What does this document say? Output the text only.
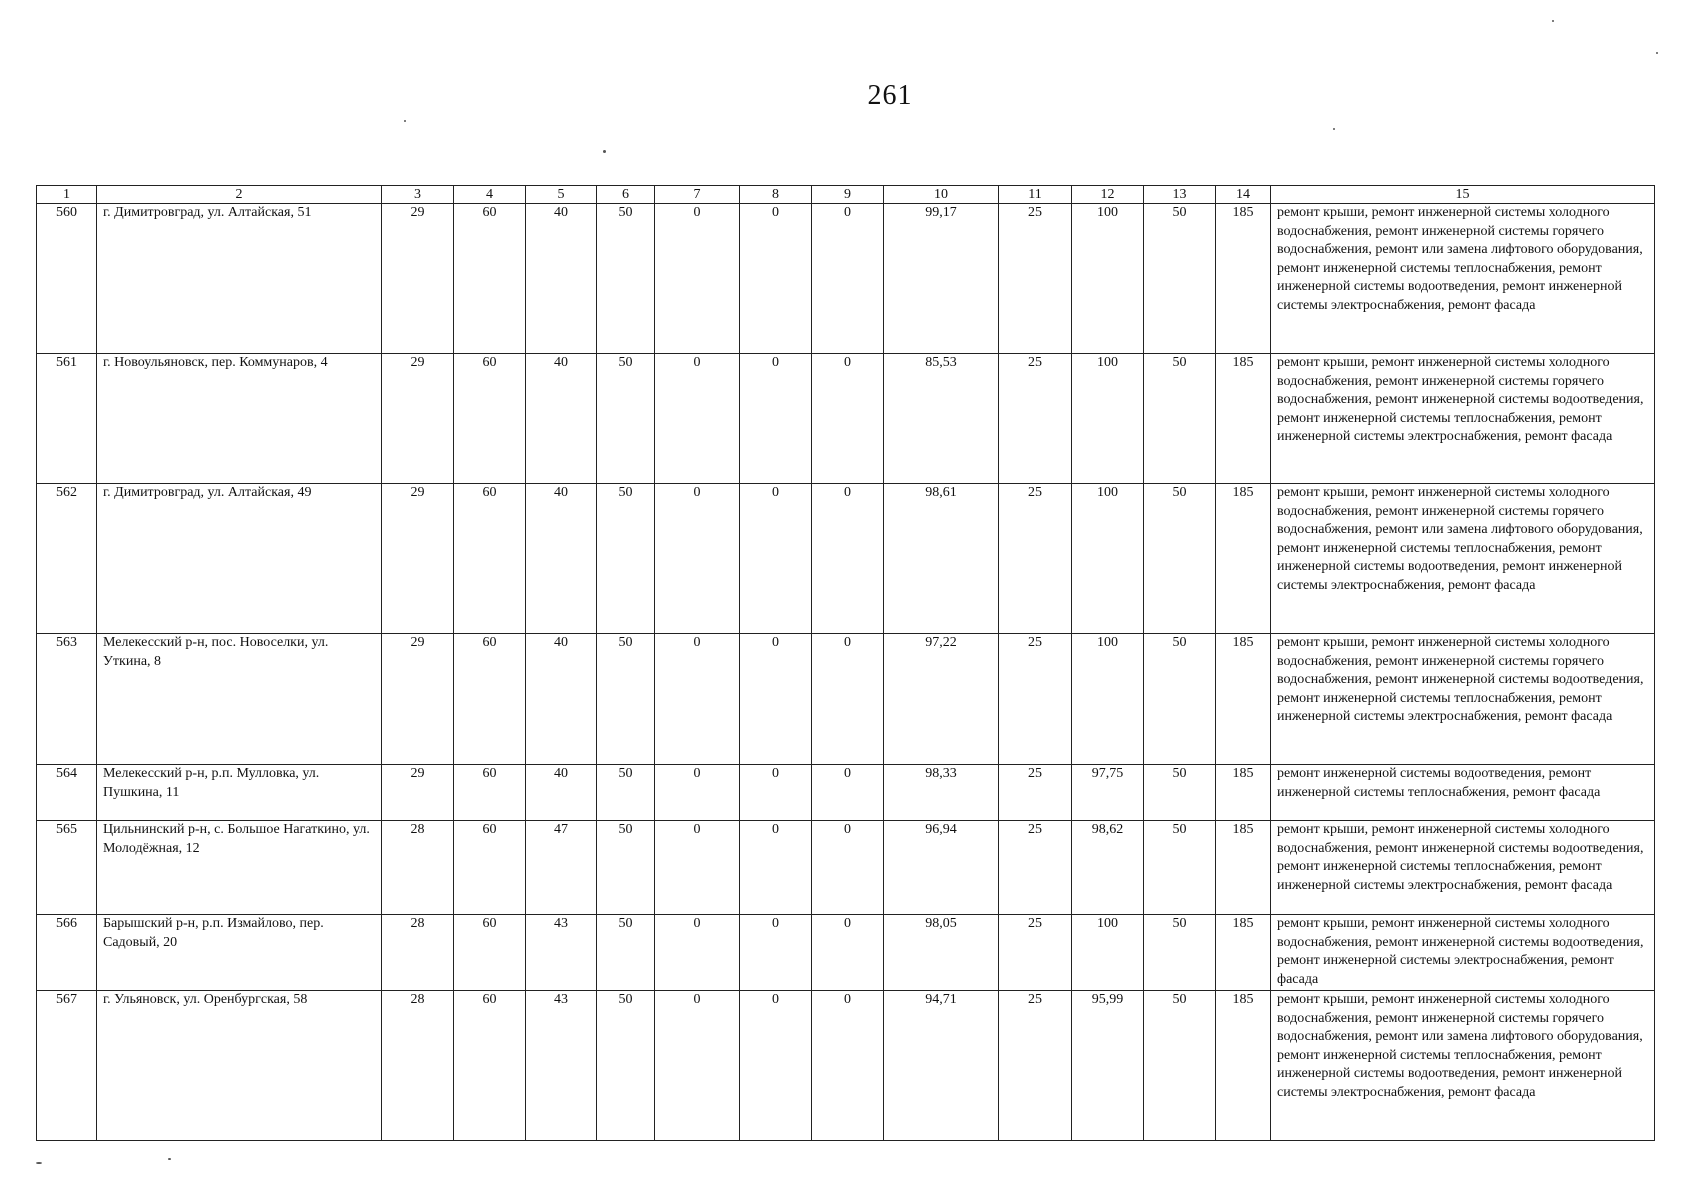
261
1	2	3	4	5	6	7	8	9	10	11	12	13	14	15
560	г. Димитровград, ул. Алтайская, 51	29	60	40	50	0	0	0	99,17	25	100	50	185	ремонт крыши, ремонт инженерной системы холодного водоснабжения, ремонт инженерной системы горячего водоснабжения, ремонт или замена лифтового оборудования, ремонт инженерной системы теплоснабжения, ремонт инженерной системы водоотведения, ремонт инженерной системы электроснабжения, ремонт фасада
561	г. Новоульяновск, пер. Коммунаров, 4	29	60	40	50	0	0	0	85,53	25	100	50	185	ремонт крыши, ремонт инженерной системы холодного водоснабжения, ремонт инженерной системы горячего водоснабжения, ремонт инженерной системы водоотведения, ремонт инженерной системы теплоснабжения, ремонт инженерной системы электроснабжения, ремонт фасада
562	г. Димитровград, ул. Алтайская, 49	29	60	40	50	0	0	0	98,61	25	100	50	185	ремонт крыши, ремонт инженерной системы холодного водоснабжения, ремонт инженерной системы горячего водоснабжения, ремонт или замена лифтового оборудования, ремонт инженерной системы теплоснабжения, ремонт инженерной системы водоотведения, ремонт инженерной системы электроснабжения, ремонт фасада
563	Мелекесский р-н, пос. Новоселки, ул. Уткина, 8	29	60	40	50	0	0	0	97,22	25	100	50	185	ремонт крыши, ремонт инженерной системы холодного водоснабжения, ремонт инженерной системы горячего водоснабжения, ремонт инженерной системы водоотведения, ремонт инженерной системы теплоснабжения, ремонт инженерной системы электроснабжения, ремонт фасада
564	Мелекесский р-н, р.п. Мулловка, ул. Пушкина, 11	29	60	40	50	0	0	0	98,33	25	97,75	50	185	ремонт инженерной системы водоотведения, ремонт инженерной системы теплоснабжения, ремонт фасада
565	Цильнинский р-н, с. Большое Нагаткино, ул. Молодёжная, 12	28	60	47	50	0	0	0	96,94	25	98,62	50	185	ремонт крыши, ремонт инженерной системы холодного водоснабжения, ремонт инженерной системы водоотведения, ремонт инженерной системы теплоснабжения, ремонт инженерной системы электроснабжения, ремонт фасада
566	Барышский р-н, р.п. Измайлово, пер. Садовый, 20	28	60	43	50	0	0	0	98,05	25	100	50	185	ремонт крыши, ремонт инженерной системы холодного водоснабжения, ремонт инженерной системы водоотведения, ремонт инженерной системы электроснабжения, ремонт фасада
567	г. Ульяновск, ул. Оренбургская, 58	28	60	43	50	0	0	0	94,71	25	95,99	50	185	ремонт крыши, ремонт инженерной системы холодного водоснабжения, ремонт инженерной системы горячего водоснабжения, ремонт или замена лифтового оборудования, ремонт инженерной системы теплоснабжения, ремонт инженерной системы водоотведения, ремонт инженерной системы электроснабжения, ремонт фасада
